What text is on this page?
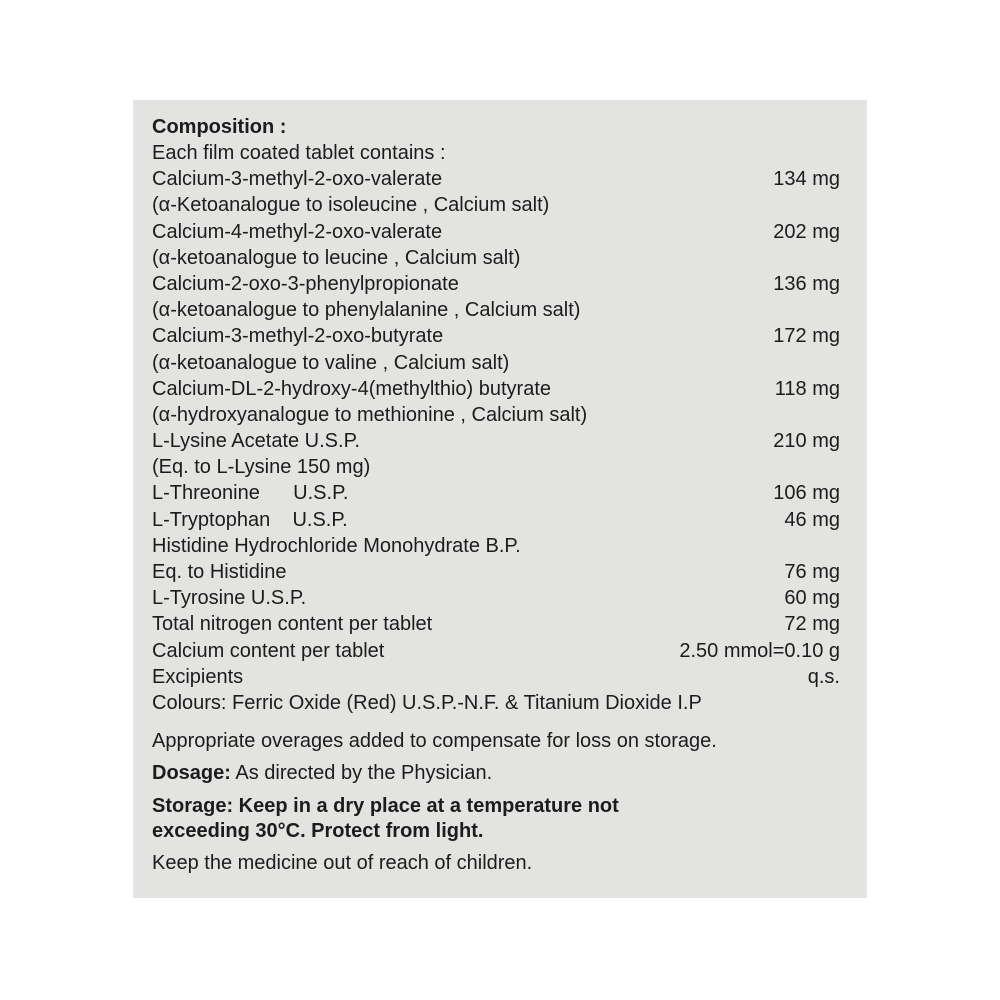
Composition :
Each film coated tablet contains :
Calcium-3-methyl-2-oxo-valerate	134 mg
(α-Ketoanalogue to isoleucine , Calcium salt)
Calcium-4-methyl-2-oxo-valerate	202 mg
(α-ketoanalogue to leucine , Calcium salt)
Calcium-2-oxo-3-phenylpropionate	136 mg
(α-ketoanalogue to phenylalanine , Calcium salt)
Calcium-3-methyl-2-oxo-butyrate	172 mg
(α-ketoanalogue to valine , Calcium salt)
Calcium-DL-2-hydroxy-4(methylthio) butyrate	118 mg
(α-hydroxyanalogue to methionine , Calcium salt)
L-Lysine Acetate U.S.P.	210 mg
(Eq. to L-Lysine 150 mg)
L-Threonine      U.S.P.	106 mg
L-Tryptophan    U.S.P.	46 mg
Histidine Hydrochloride Monohydrate B.P.
Eq. to Histidine	76 mg
L-Tyrosine U.S.P.	60 mg
Total nitrogen content per tablet	72 mg
Calcium content per tablet	2.50 mmol=0.10 g
Excipients	q.s.
Colours: Ferric Oxide (Red) U.S.P.-N.F. & Titanium Dioxide I.P
Appropriate overages added to compensate for loss on storage.
Dosage: As directed by the Physician.
Storage: Keep in a dry place at a temperature not
exceeding 30°C. Protect from light.
Keep the medicine out of reach of children.
